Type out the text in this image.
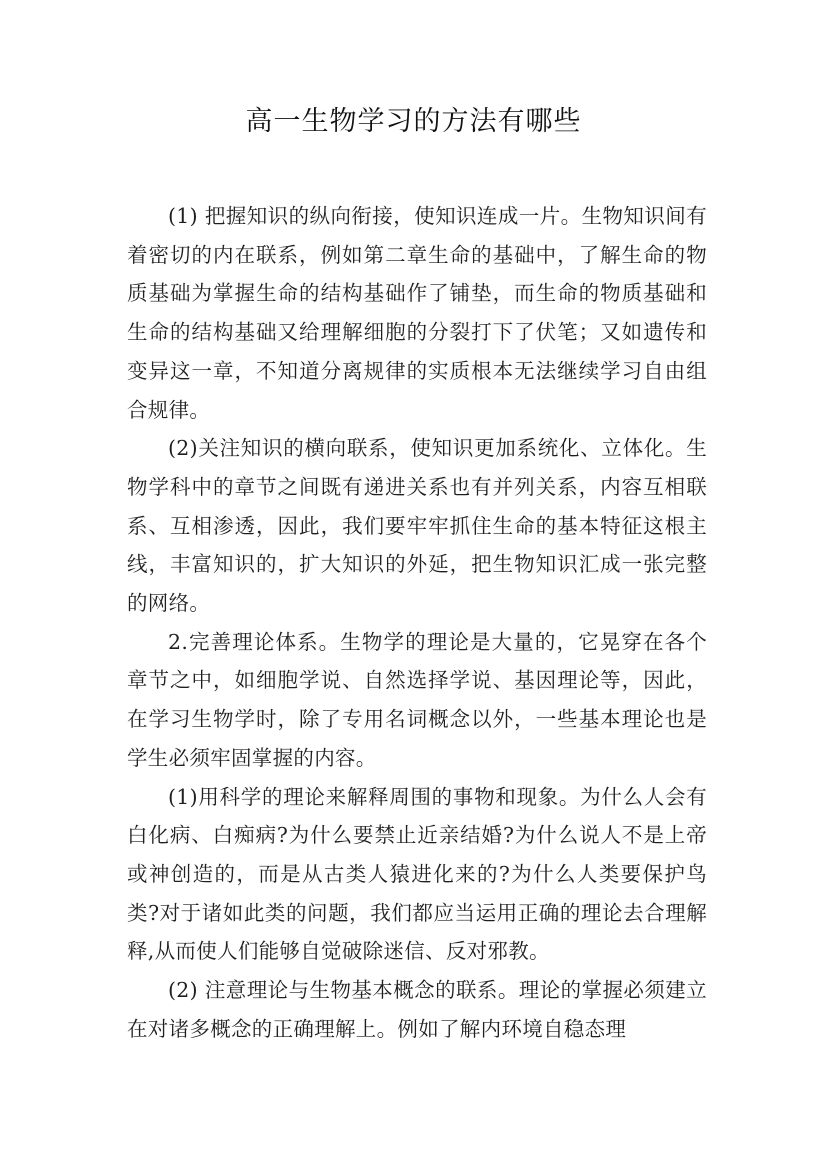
高一生物学习的方法有哪些

(1) 把握知识的纵向衔接，使知识连成一片。生物知识间有着密切的内在联系，例如第二章生命的基础中，了解生命的物质基础为掌握生命的结构基础作了铺垫，而生命的物质基础和生命的结构基础又给理解细胞的分裂打下了伏笔；又如遗传和变异这一章，不知道分离规律的实质根本无法继续学习自由组合规律。

(2)关注知识的横向联系，使知识更加系统化、立体化。生物学科中的章节之间既有递进关系也有并列关系，内容互相联系、互相渗透，因此，我们要牢牢抓住生命的基本特征这根主线，丰富知识的，扩大知识的外延，把生物知识汇成一张完整的网络。

2.完善理论体系。生物学的理论是大量的，它晃穿在各个章节之中，如细胞学说、自然选择学说、基因理论等，因此，在学习生物学时，除了专用名词概念以外，一些基本理论也是学生必须牢固掌握的内容。

(1)用科学的理论来解释周围的事物和现象。为什么人会有白化病、白痴病?为什么要禁止近亲结婚?为什么说人不是上帝或神创造的，而是从古类人猿进化来的?为什么人类要保护鸟类?对于诸如此类的问题，我们都应当运用正确的理论去合理解释,从而使人们能够自觉破除迷信、反对邪教。

(2) 注意理论与生物基本概念的联系。理论的掌握必须建立在对诸多概念的正确理解上。例如了解内环境自稳态理
